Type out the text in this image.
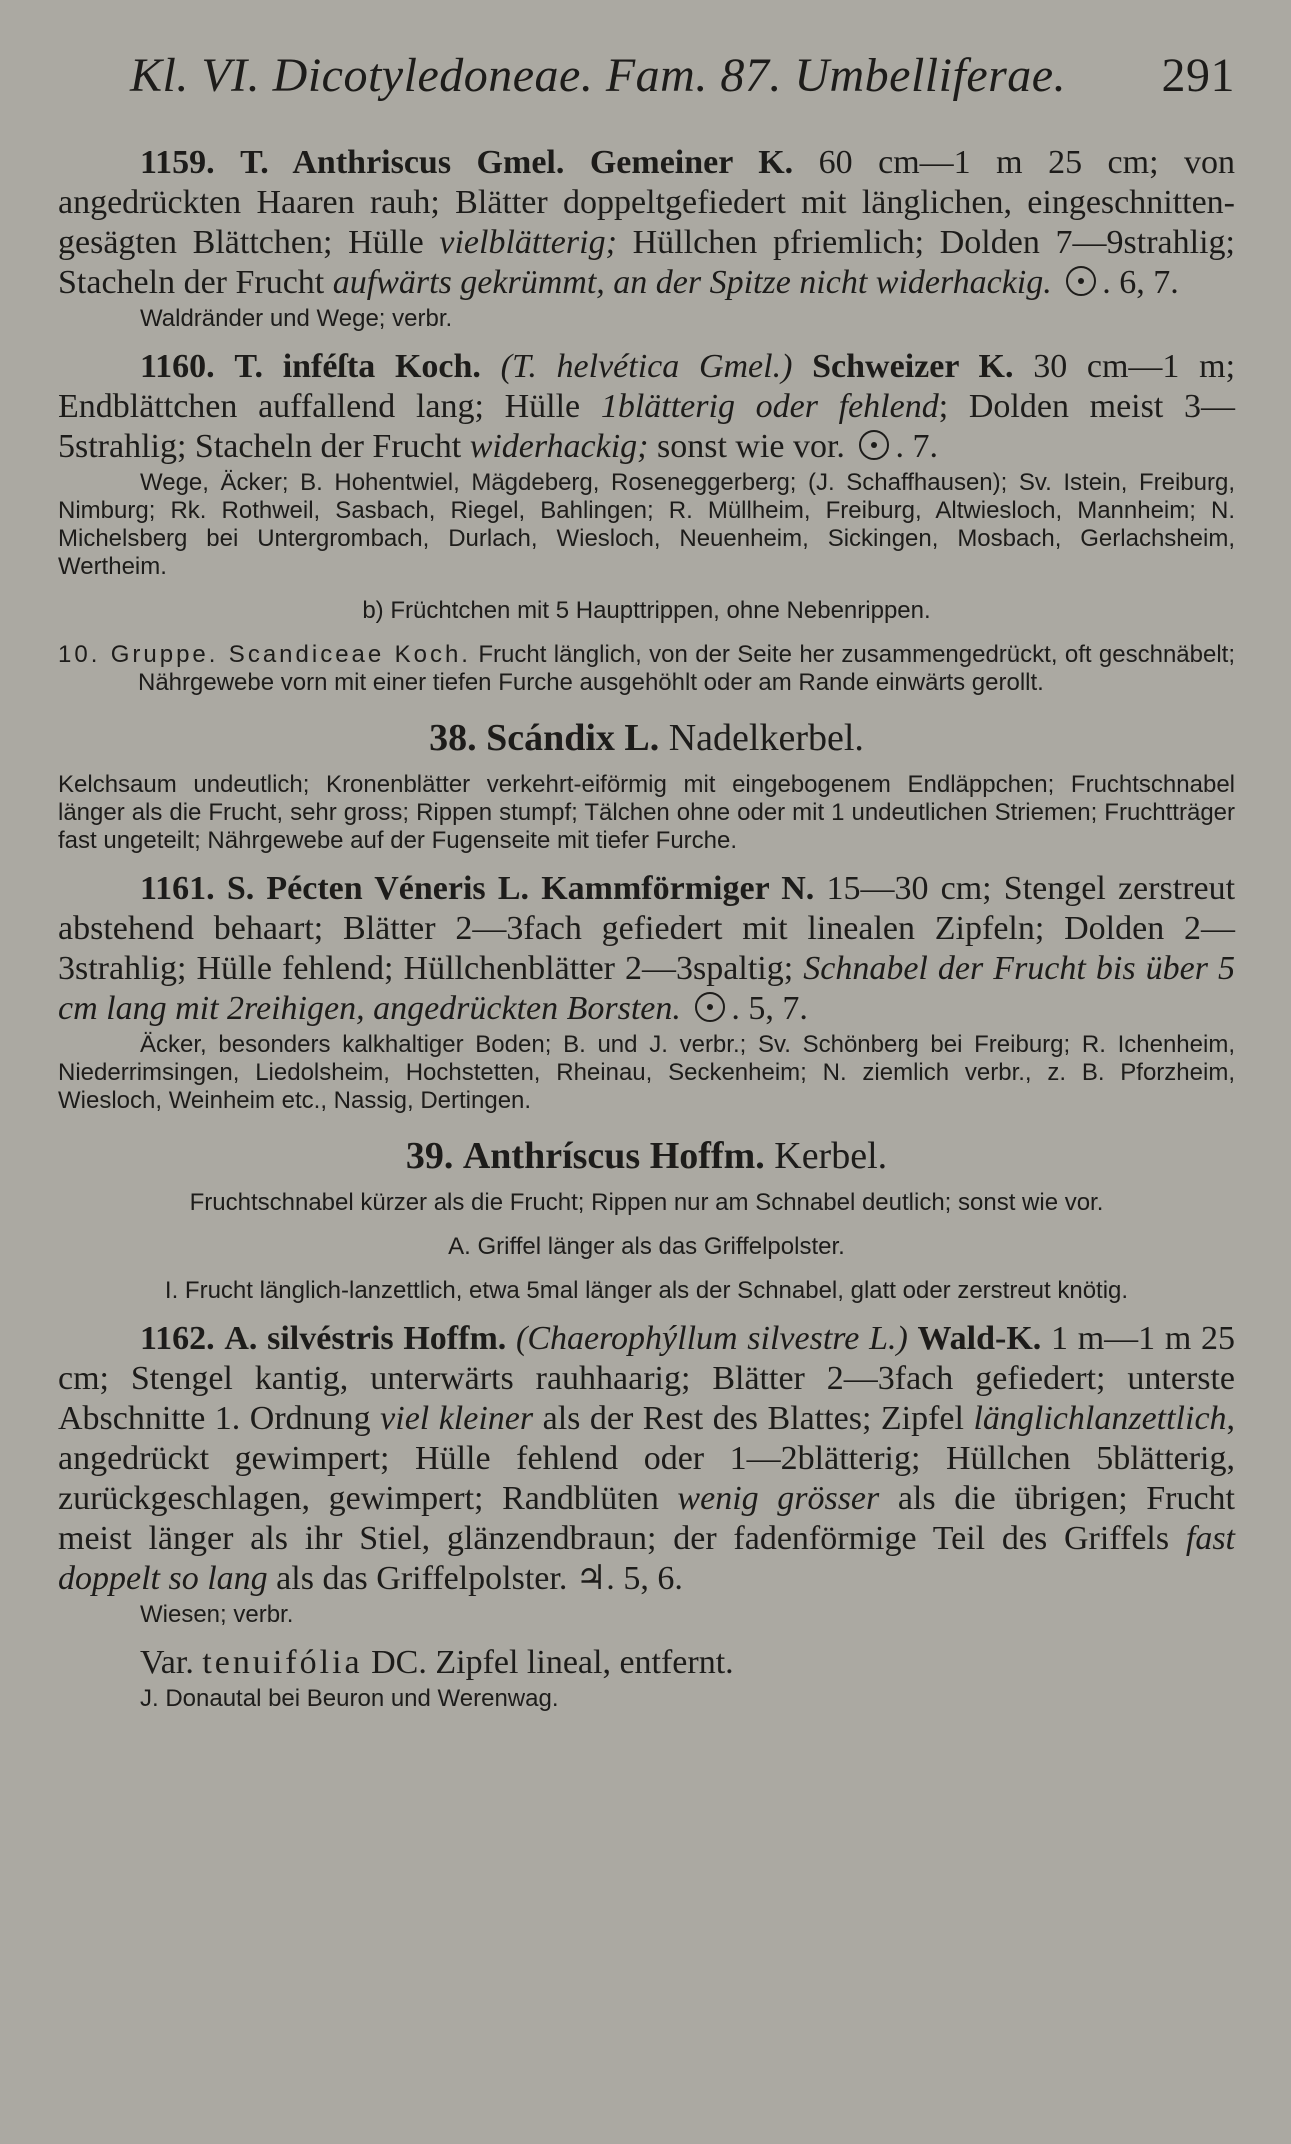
Kl. VI. Dicotyledoneae. Fam. 87. Umbelliferae. 291

1159. T. Anthriscus Gmel. Gemeiner K. 60 cm—1 m 25 cm; von angedrückten Haaren rauh; Blätter doppeltgefiedert mit länglichen, eingeschnitten-gesägten Blättchen; Hülle vielblätterig; Hüllchen pfriemlich; Dolden 7—9strahlig; Stacheln der Frucht aufwärts gekrümmt, an der Spitze nicht widerhackig. . 6, 7.

Waldränder und Wege; verbr.

1160. T. inféſta Koch. (T. helvética Gmel.) Schweizer K. 30 cm—1 m; Endblättchen auffallend lang; Hülle 1blätterig oder fehlend; Dolden meist 3—5strahlig; Stacheln der Frucht widerhackig; sonst wie vor. . 7.

Wege, Äcker; B. Hohentwiel, Mägdeberg, Roseneggerberg; (J. Schaffhausen); Sv. Istein, Freiburg, Nimburg; Rk. Rothweil, Sasbach, Riegel, Bahlingen; R. Müllheim, Freiburg, Altwiesloch, Mannheim; N. Michelsberg bei Untergrombach, Durlach, Wiesloch, Neuenheim, Sickingen, Mosbach, Gerlachsheim, Wertheim.

b) Früchtchen mit 5 Haupttrippen, ohne Nebenrippen.

10. Gruppe. Scandiceae Koch. Frucht länglich, von der Seite her zusammengedrückt, oft geschnäbelt; Nährgewebe vorn mit einer tiefen Furche ausgehöhlt oder am Rande einwärts gerollt.

38. Scándix L. Nadelkerbel.

Kelchsaum undeutlich; Kronenblätter verkehrt-eiförmig mit eingebogenem Endläppchen; Fruchtschnabel länger als die Frucht, sehr gross; Rippen stumpf; Tälchen ohne oder mit 1 undeutlichen Striemen; Fruchtträger fast ungeteilt; Nährgewebe auf der Fugenseite mit tiefer Furche.

1161. S. Pécten Véneris L. Kammförmiger N. 15—30 cm; Stengel zerstreut abstehend behaart; Blätter 2—3fach gefiedert mit linealen Zipfeln; Dolden 2—3strahlig; Hülle fehlend; Hüllchenblätter 2—3spaltig; Schnabel der Frucht bis über 5 cm lang mit 2reihigen, angedrückten Borsten. . 5, 7.

Äcker, besonders kalkhaltiger Boden; B. und J. verbr.; Sv. Schönberg bei Freiburg; R. Ichenheim, Niederrimsingen, Liedolsheim, Hochstetten, Rheinau, Seckenheim; N. ziemlich verbr., z. B. Pforzheim, Wiesloch, Weinheim etc., Nassig, Dertingen.

39. Anthríscus Hoffm. Kerbel.

Fruchtschnabel kürzer als die Frucht; Rippen nur am Schnabel deutlich; sonst wie vor.

A. Griffel länger als das Griffelpolster.

I. Frucht länglich-lanzettlich, etwa 5mal länger als der Schnabel, glatt oder zerstreut knötig.

1162. A. silvéstris Hoffm. (Chaerophýllum silvestre L.) Wald-K. 1 m—1 m 25 cm; Stengel kantig, unterwärts rauhhaarig; Blätter 2—3fach gefiedert; unterste Abschnitte 1. Ordnung viel kleiner als der Rest des Blattes; Zipfel länglichlanzettlich, angedrückt gewimpert; Hülle fehlend oder 1—2blätterig; Hüllchen 5blätterig, zurückgeschlagen, gewimpert; Randblüten wenig grösser als die übrigen; Frucht meist länger als ihr Stiel, glänzendbraun; der fadenförmige Teil des Griffels fast doppelt so lang als das Griffelpolster. ♃. 5, 6.

Wiesen; verbr.

Var. tenuifólia DC. Zipfel lineal, entfernt.

J. Donautal bei Beuron und Werenwag.
